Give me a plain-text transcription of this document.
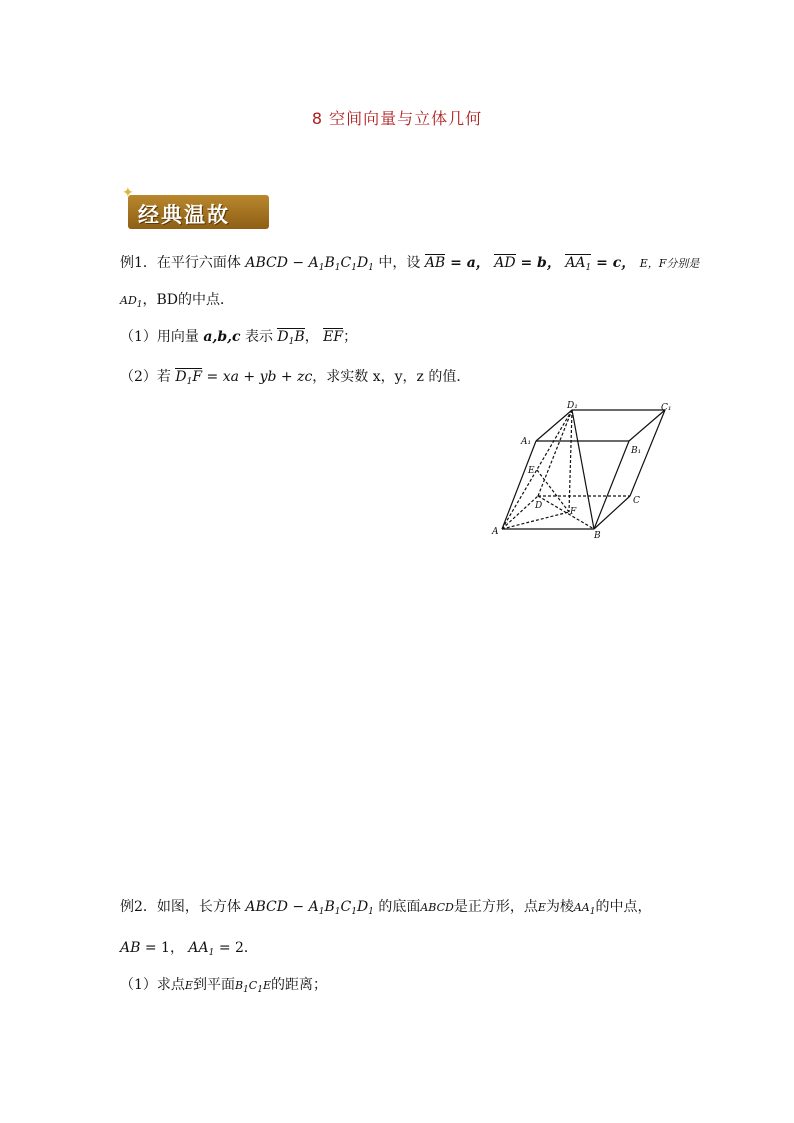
8 空间向量与立体几何
✦
经典温故
例1．在平行六面体 ABCD − $A_1B_1C_1D_1$ 中，设 AB = a， AD = b， $AA_1 = c$， E，F分别是
$AD_1$，BD的中点．
（1）用向量 a,b,c 表示 $D_1B$， EF；
（2）若 $D_1F$ = xa + yb + zc，求实数 x，y，z 的值．
A	B
C
D
A₁
B₁
C₁
D₁
E
F
例2．如图，长方体 ABCD − $A_1B_1C_1D_1$ 的底面ABCD是正方形，点E为棱$AA_1$的中点，
AB = 1， $AA_1 = 2$．
（1）求点E到平面$B_1C_1E$的距离；
